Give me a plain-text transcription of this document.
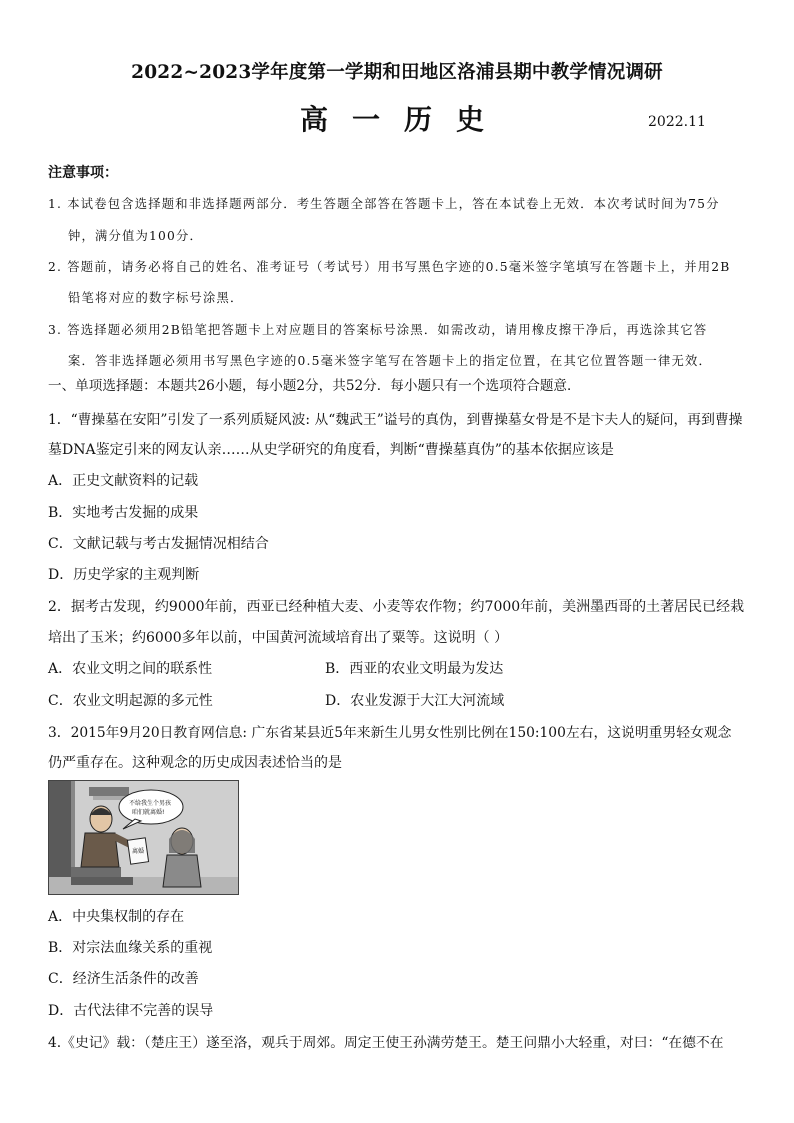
2022~2023学年度第一学期和田地区洛浦县期中教学情况调研
高一历史	2022.11
注意事项：
1. 本试卷包含选择题和非选择题两部分．考生答题全部答在答题卡上，答在本试卷上无效．本次考试时间为75分
钟，满分值为100分．
2. 答题前，请务必将自己的姓名、准考证号（考试号）用书写黑色字迹的0.5毫米签字笔填写在答题卡上，并用2B
铅笔将对应的数字标号涂黑．
3. 答选择题必须用2B铅笔把答题卡上对应题目的答案标号涂黑．如需改动，请用橡皮擦干净后，再选涂其它答
案．答非选择题必须用书写黑色字迹的0.5毫米签字笔写在答题卡上的指定位置，在其它位置答题一律无效．
一、单项选择题：本题共26小题，每小题2分，共52分．每小题只有一个选项符合题意．
1．“曹操墓在安阳”引发了一系列质疑风波: 从“魏武王”谥号的真伪，到曹操墓女骨是不是卞夫人的疑问，再到曹操
墓DNA鉴定引来的网友认亲……从史学研究的角度看，判断“曹操墓真伪”的基本依据应该是
A．正史文献资料的记载
B．实地考古发掘的成果
C．文献记载与考古发掘情况相结合
D．历史学家的主观判断
2．据考古发现，约9000年前，西亚已经种植大麦、小麦等农作物；约7000年前，美洲墨西哥的土著居民已经栽
培出了玉米；约6000多年以前，中国黄河流域培育出了粟等。这说明（ ）
A．农业文明之间的联系性	B．西亚的农业文明最为发达
C．农业文明起源的多元性	D．农业发源于大江大河流域
3．2015年9月20日教育网信息: 广东省某县近5年来新生儿男女性别比例在150:100左右，这说明重男轻女观念
仍严重存在。这种观念的历史成因表述恰当的是
离婚
不给我生个男孩
咱们就离婚!
A．中央集权制的存在
B．对宗法血缘关系的重视
C．经济生活条件的改善
D．古代法律不完善的误导
4.《史记》载：（楚庄王）遂至洛，观兵于周郊。周定王使王孙满劳楚王。楚王问鼎小大轻重，对曰：“在德不在
